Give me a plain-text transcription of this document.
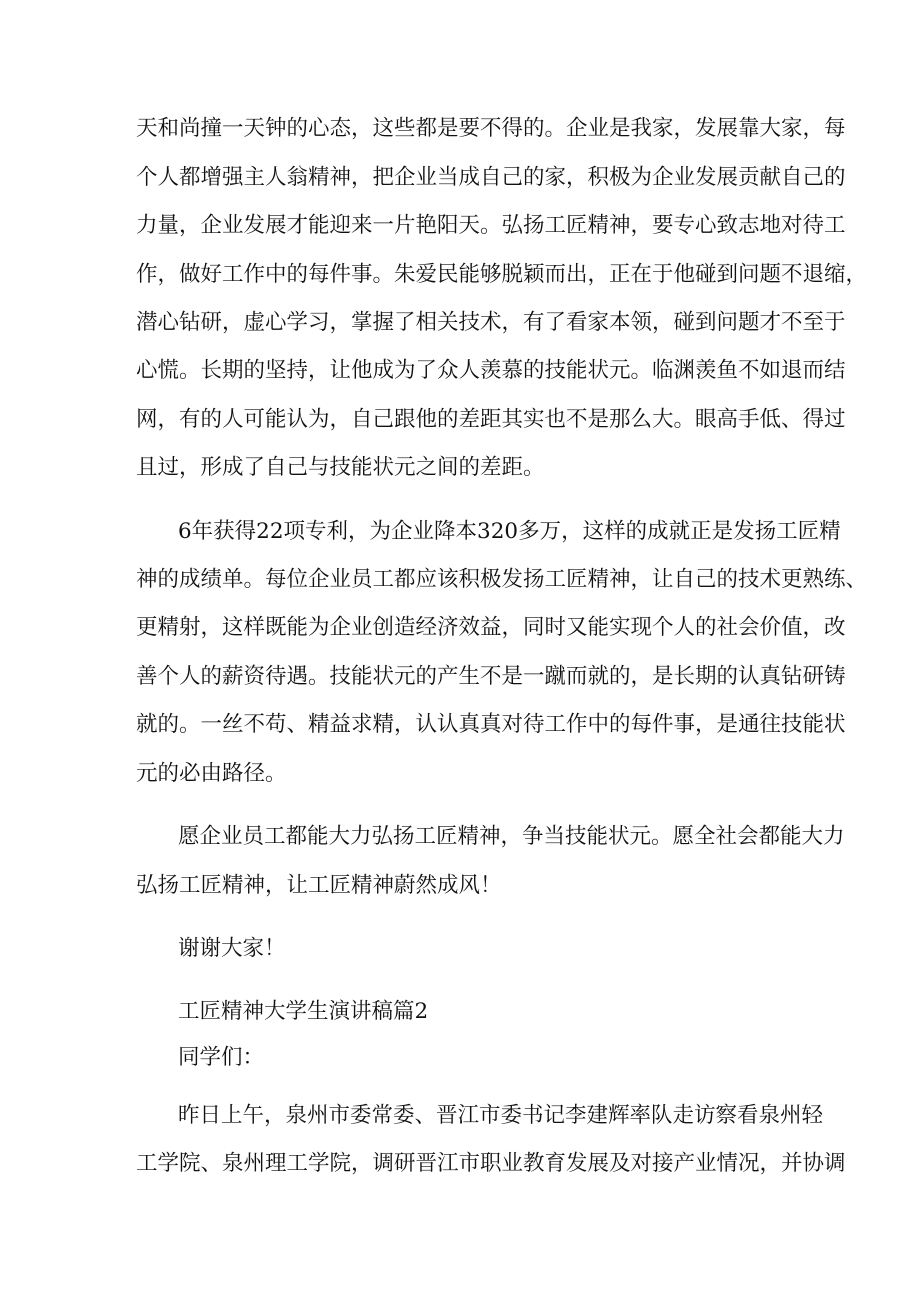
天和尚撞一天钟的心态，这些都是要不得的。企业是我家，发展靠大家，每
个人都增强主人翁精神，把企业当成自己的家，积极为企业发展贡献自己的
力量，企业发展才能迎来一片艳阳天。弘扬工匠精神，要专心致志地对待工
作，做好工作中的每件事。朱爱民能够脱颖而出，正在于他碰到问题不退缩，
潜心钻研，虚心学习，掌握了相关技术，有了看家本领，碰到问题才不至于
心慌。长期的坚持，让他成为了众人羡慕的技能状元。临渊羡鱼不如退而结
网，有的人可能认为，自己跟他的差距其实也不是那么大。眼高手低、得过
且过，形成了自己与技能状元之间的差距。
6年获得22项专利，为企业降本320多万，这样的成就正是发扬工匠精
神的成绩单。每位企业员工都应该积极发扬工匠精神，让自己的技术更熟练、
更精射，这样既能为企业创造经济效益，同时又能实现个人的社会价值，改
善个人的薪资待遇。技能状元的产生不是一蹴而就的，是长期的认真钻研铸
就的。一丝不苟、精益求精，认认真真对待工作中的每件事，是通往技能状
元的必由路径。
愿企业员工都能大力弘扬工匠精神，争当技能状元。愿全社会都能大力
弘扬工匠精神，让工匠精神蔚然成风！
谢谢大家！
工匠精神大学生演讲稿篇2
同学们：
昨日上午，泉州市委常委、晋江市委书记李建辉率队走访察看泉州轻
工学院、泉州理工学院，调研晋江市职业教育发展及对接产业情况，并协调
